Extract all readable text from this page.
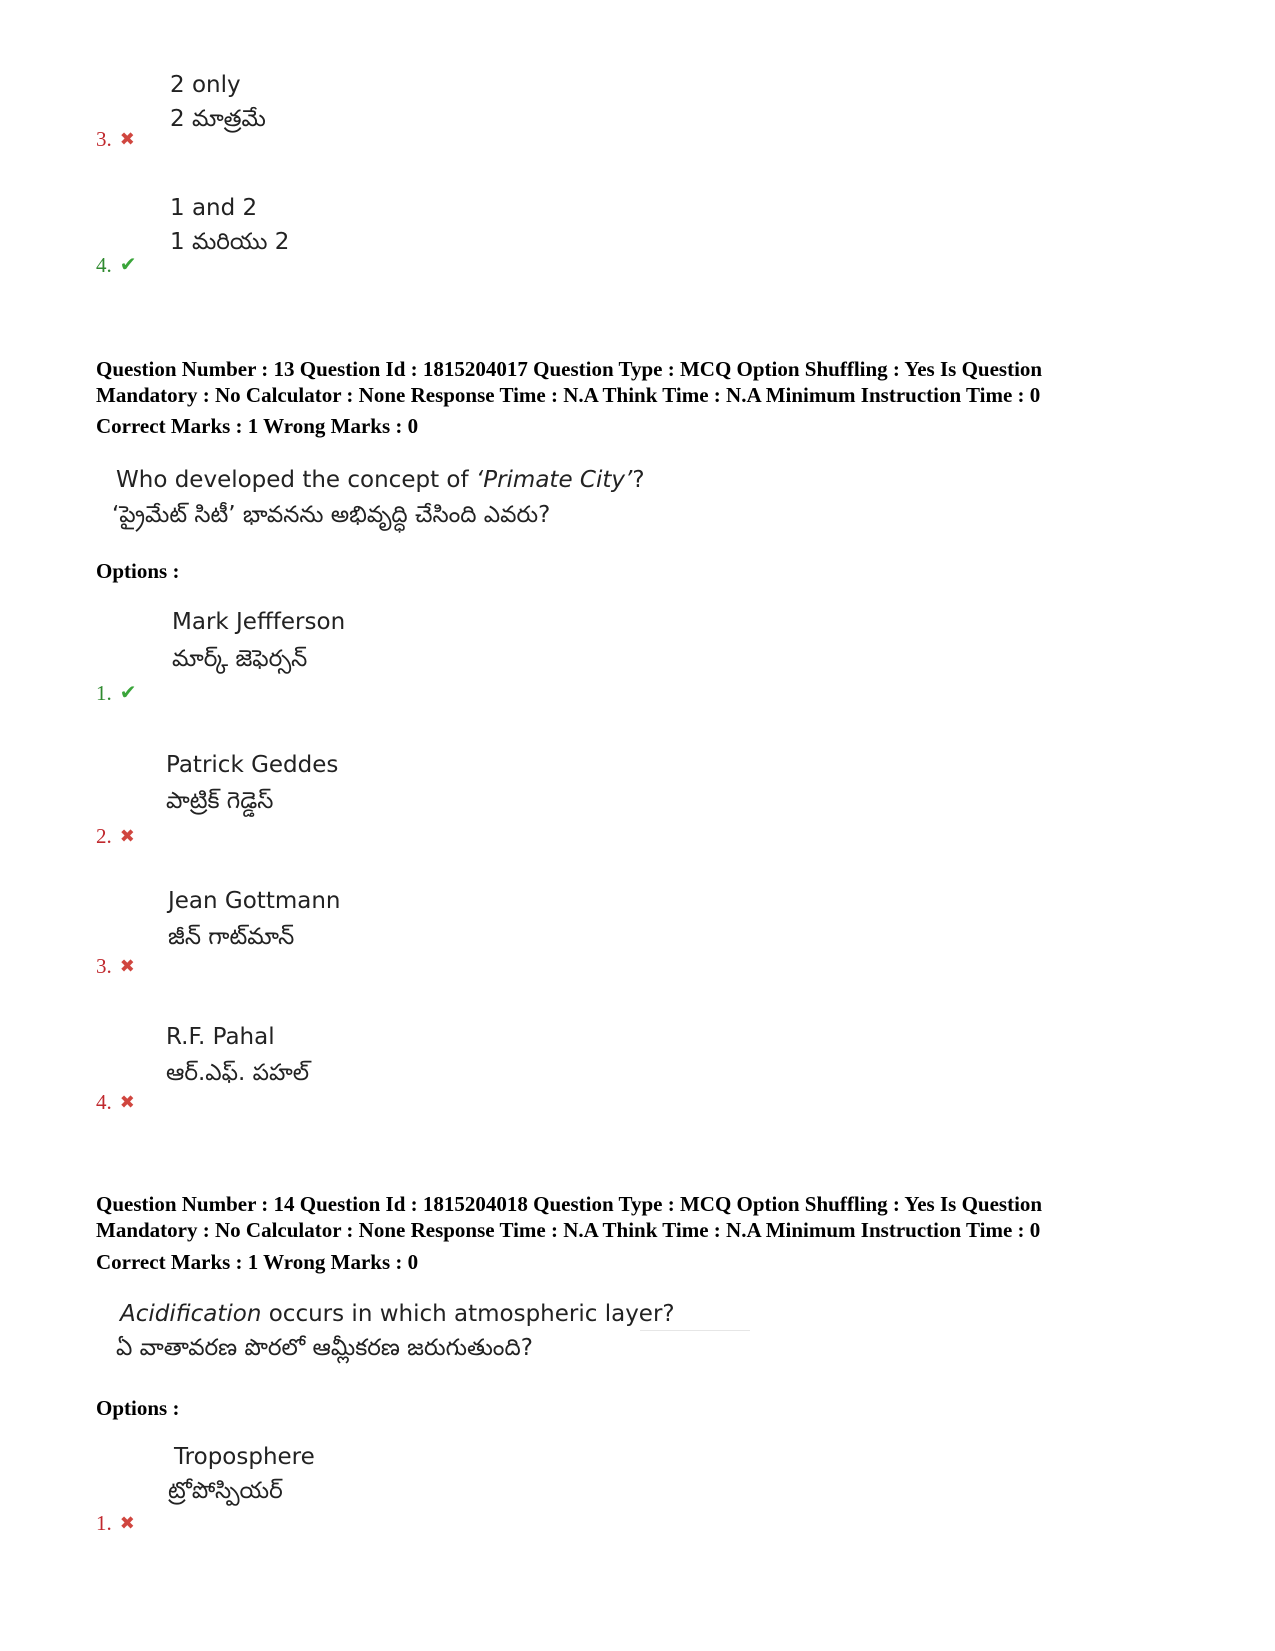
2 only
2 మాత్రమే
3. ✖
1 and 2
1 మరియు 2
4. ✔
Question Number : 13 Question Id : 1815204017 Question Type : MCQ Option Shuffling : Yes Is Question
Mandatory : No Calculator : None Response Time : N.A Think Time : N.A Minimum Instruction Time : 0
Correct Marks : 1 Wrong Marks : 0
Who developed the concept of ‘Primate City’?
‘ప్రైమేట్ సిటీ’ భావనను అభివృద్ధి చేసింది ఎవరు?
Options :
Mark Jeffferson
మార్క్ జెఫెర్సన్
1. ✔
Patrick Geddes
పాట్రిక్ గెడ్డెస్
2. ✖
Jean Gottmann
జీన్ గాట్‌మాన్
3. ✖
R.F. Pahal
ఆర్.ఎఫ్. పహల్
4. ✖
Question Number : 14 Question Id : 1815204018 Question Type : MCQ Option Shuffling : Yes Is Question
Mandatory : No Calculator : None Response Time : N.A Think Time : N.A Minimum Instruction Time : 0
Correct Marks : 1 Wrong Marks : 0
Acidification occurs in which atmospheric layer?
ఏ వాతావరణ పొరలో ఆమ్లీకరణ జరుగుతుంది?
Options :
Troposphere
ట్రోపోస్పియర్
1. ✖
